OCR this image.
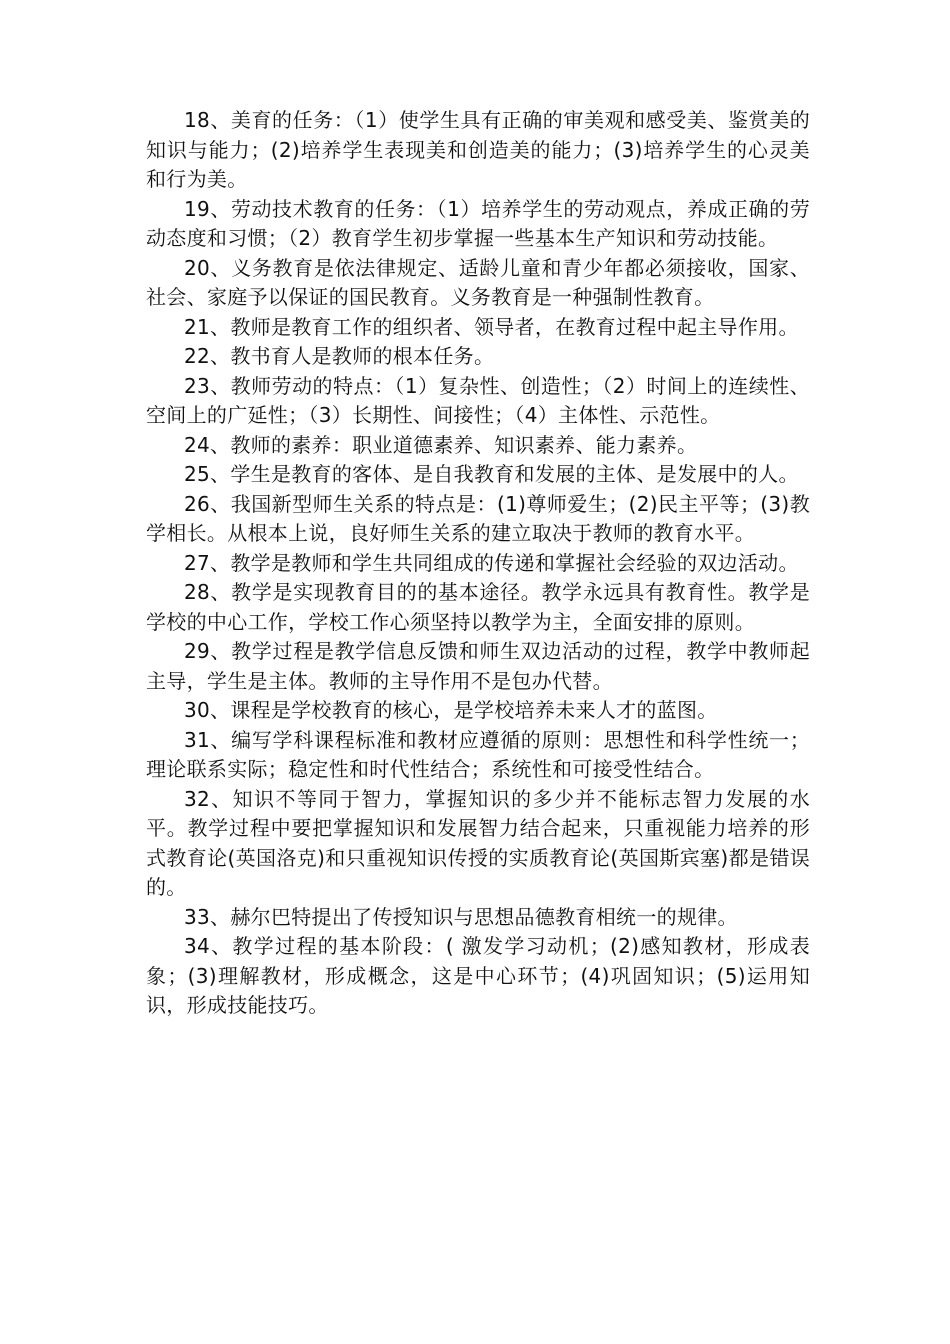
18、美育的任务：（1）使学生具有正确的审美观和感受美、鉴赏美的知识与能力；(2)培养学生表现美和创造美的能力；(3)培养学生的心灵美和行为美。

19、劳动技术教育的任务：（1）培养学生的劳动观点，养成正确的劳动态度和习惯；（2）教育学生初步掌握一些基本生产知识和劳动技能。

20、义务教育是依法律规定、适龄儿童和青少年都必须接收，国家、社会、家庭予以保证的国民教育。义务教育是一种强制性教育。

21、教师是教育工作的组织者、领导者，在教育过程中起主导作用。

22、教书育人是教师的根本任务。

23、教师劳动的特点：（1）复杂性、创造性；（2）时间上的连续性、空间上的广延性；（3）长期性、间接性；（4）主体性、示范性。

24、教师的素养：职业道德素养、知识素养、能力素养。

25、学生是教育的客体、是自我教育和发展的主体、是发展中的人。

26、我国新型师生关系的特点是：(1)尊师爱生；(2)民主平等；(3)教学相长。从根本上说，良好师生关系的建立取决于教师的教育水平。

27、教学是教师和学生共同组成的传递和掌握社会经验的双边活动。

28、教学是实现教育目的的基本途径。教学永远具有教育性。教学是学校的中心工作，学校工作心须坚持以教学为主，全面安排的原则。

29、教学过程是教学信息反馈和师生双边活动的过程，教学中教师起主导，学生是主体。教师的主导作用不是包办代替。

30、课程是学校教育的核心，是学校培养未来人才的蓝图。

31、编写学科课程标准和教材应遵循的原则：思想性和科学性统一；理论联系实际；稳定性和时代性结合；系统性和可接受性结合。

32、知识不等同于智力，掌握知识的多少并不能标志智力发展的水平。教学过程中要把掌握知识和发展智力结合起来，只重视能力培养的形式教育论(英国洛克)和只重视知识传授的实质教育论(英国斯宾塞)都是错误的。

33、赫尔巴特提出了传授知识与思想品德教育相统一的规律。

34、教学过程的基本阶段：( 激发学习动机；(2)感知教材，形成表象；(3)理解教材，形成概念，这是中心环节；(4)巩固知识；(5)运用知识，形成技能技巧。
